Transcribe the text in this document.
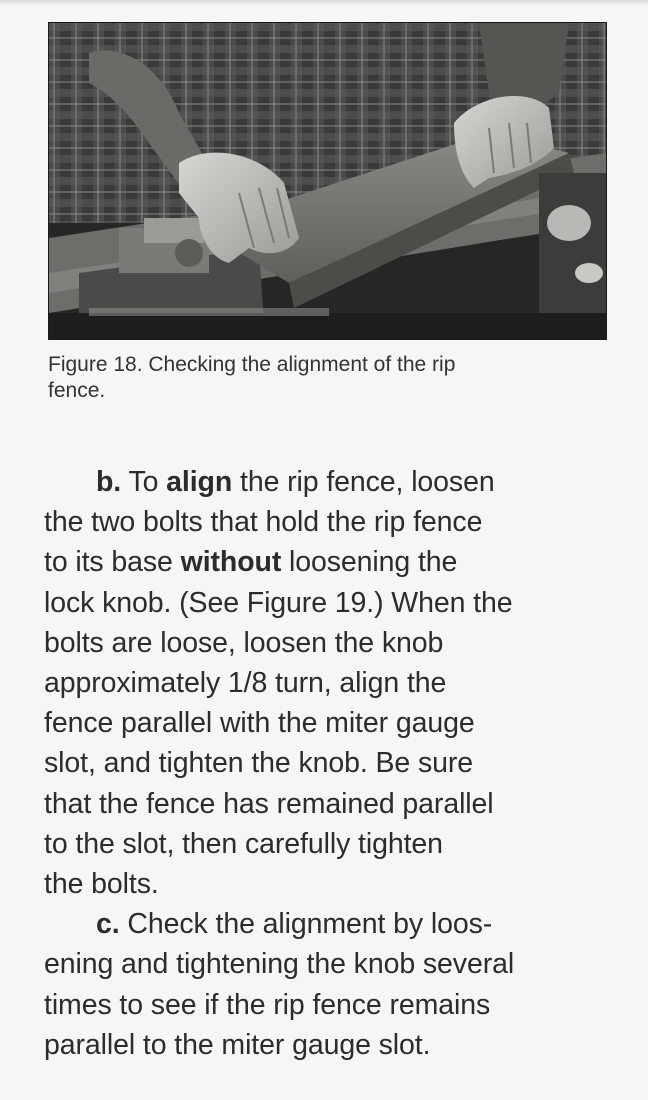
Figure 18. Checking the alignment of the rip
fence.
b. To align the rip fence, loosen
the two bolts that hold the rip fence
to its base without loosening the
lock knob. (See Figure 19.) When the
bolts are loose, loosen the knob
approximately 1/8 turn, align the
fence parallel with the miter gauge
slot, and tighten the knob. Be sure
that the fence has remained parallel
to the slot, then carefully tighten
the bolts.
c. Check the alignment by loos-
ening and tightening the knob several
times to see if the rip fence remains
parallel to the miter gauge slot.
